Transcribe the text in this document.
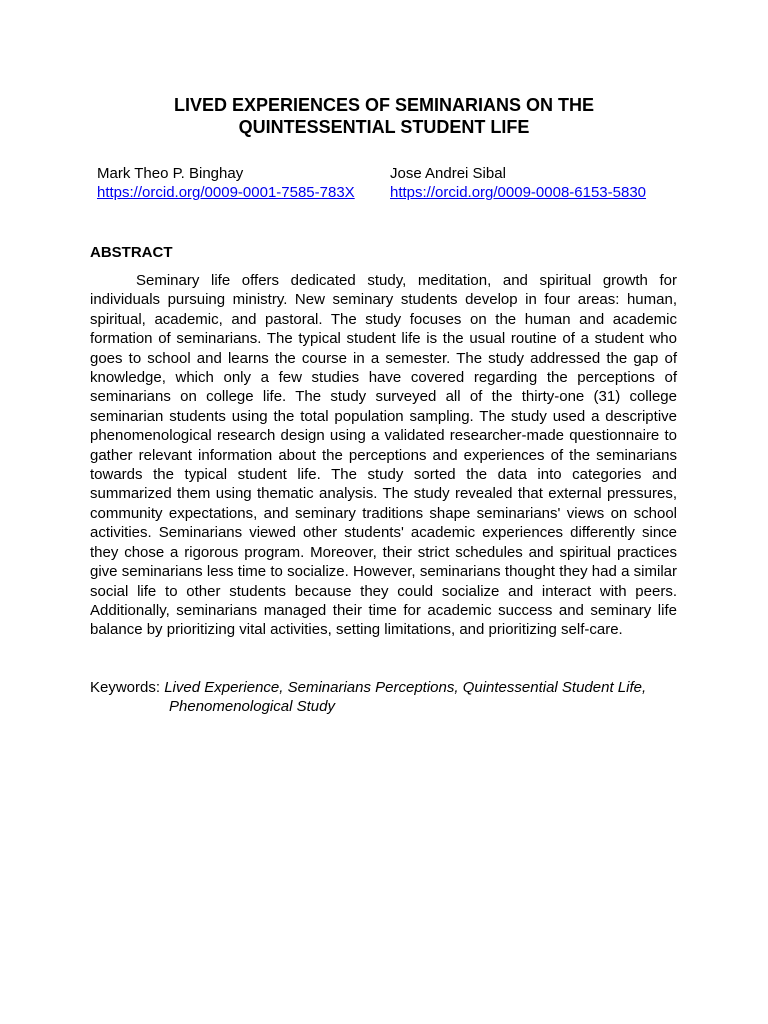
LIVED EXPERIENCES OF SEMINARIANS ON THE
QUINTESSENTIAL STUDENT LIFE
Mark Theo P. Binghay
https://orcid.org/0009-0001-7585-783X
Jose Andrei Sibal
https://orcid.org/0009-0008-6153-5830
ABSTRACT

Seminary life offers dedicated study, meditation, and spiritual growth for individuals pursuing ministry. New seminary students develop in four areas: human, spiritual, academic, and pastoral. The study focuses on the human and academic formation of seminarians. The typical student life is the usual routine of a student who goes to school and learns the course in a semester. The study addressed the gap of knowledge, which only a few studies have covered regarding the perceptions of seminarians on college life. The study surveyed all of the thirty-one (31) college seminarian students using the total population sampling. The study used a descriptive phenomenological research design using a validated researcher-made questionnaire to gather relevant information about the perceptions and experiences of the seminarians towards the typical student life. The study sorted the data into categories and summarized them using thematic analysis. The study revealed that external pressures, community expectations, and seminary traditions shape seminarians' views on school activities. Seminarians viewed other students' academic experiences differently since they chose a rigorous program. Moreover, their strict schedules and spiritual practices give seminarians less time to socialize. However, seminarians thought they had a similar social life to other students because they could socialize and interact with peers. Additionally, seminarians managed their time for academic success and seminary life balance by prioritizing vital activities, setting limitations, and prioritizing self-care.

Keywords: Lived Experience, Seminarians Perceptions, Quintessential Student Life,
Phenomenological Study
